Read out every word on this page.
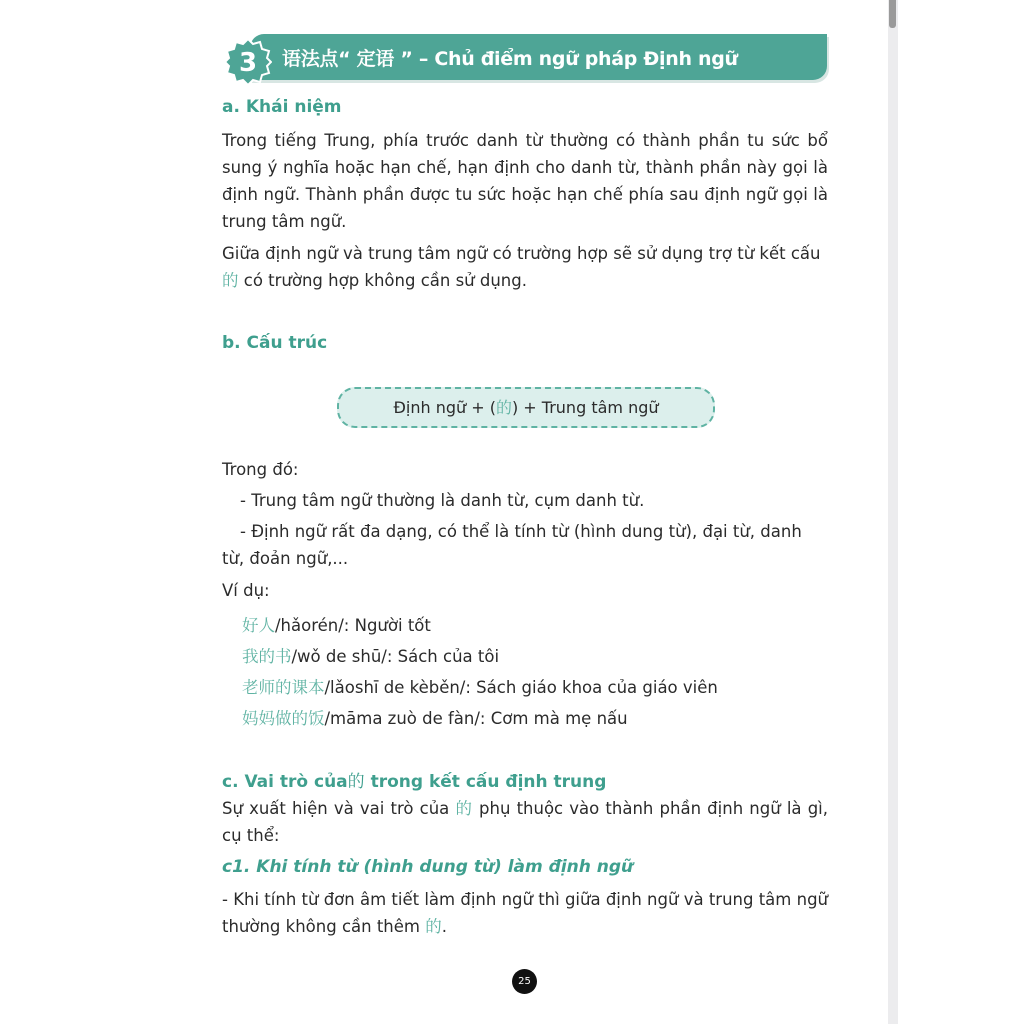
3 语法点“ 定语 ” – Chủ điểm ngữ pháp Định ngữ
a. Khái niệm
Trong tiếng Trung, phía trước danh từ thường có thành phần tu sức bổ sung ý nghĩa hoặc hạn chế, hạn định cho danh từ, thành phần này gọi là định ngữ. Thành phần được tu sức hoặc hạn chế phía sau định ngữ gọi là trung tâm ngữ.
Giữa định ngữ và trung tâm ngữ có trường hợp sẽ sử dụng trợ từ kết cấu 的 có trường hợp không cần sử dụng.
b. Cấu trúc
Định ngữ + (的) + Trung tâm ngữ
Trong đó:
- Trung tâm ngữ thường là danh từ, cụm danh từ.
- Định ngữ rất đa dạng, có thể là tính từ (hình dung từ), đại từ, danh từ, đoản ngữ,...
Ví dụ:
好人/hǎorén/: Người tốt
我的书/wǒ de shū/: Sách của tôi
老师的课本/lǎoshī de kèběn/: Sách giáo khoa của giáo viên
妈妈做的饭/māma zuò de fàn/: Cơm mà mẹ nấu
c. Vai trò của的 trong kết cấu định trung
Sự xuất hiện và vai trò của 的 phụ thuộc vào thành phần định ngữ là gì, cụ thể:
c1. Khi tính từ (hình dung từ) làm định ngữ
- Khi tính từ đơn âm tiết làm định ngữ thì giữa định ngữ và trung tâm ngữ thường không cần thêm 的.
25
